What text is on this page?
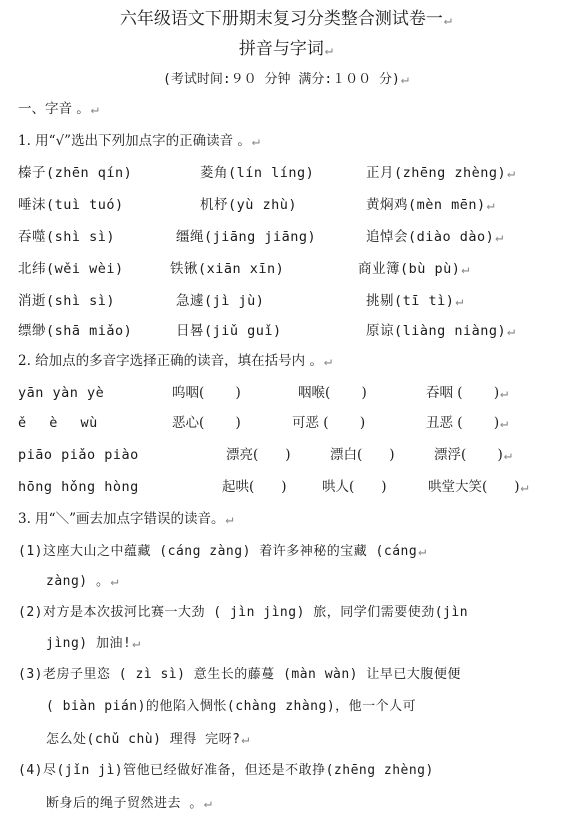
六年级语文下册期末复习分类整合测试卷一↵
拼音与字词↵
(考试时间:９０ 分钟 满分:１００ 分)↵
一、字音 。↵
1. 用“√”选出下列加点字的正确读音 。↵
榛子(zhēn qín)	菱角(lín líng)	正月(zhēng zhèng)↵
唾沫(tuì tuó)	机杼(yù zhù)	黄焖鸡(mèn mēn)↵
吞噬(shì sì)	缰绳(jiāng jiāng)	追悼会(diào dào)↵
北纬(wěi wèi)	铁锹(xiān xīn)	商业簿(bù pù)↵
消逝(shì sì)	急遽(jì jù)	挑剔(tī tì)↵
缥缈(shā miǎo)	日晷(jiǔ guǐ)	原谅(liàng niàng)↵
2. 给加点的多音字选择正确的读音，填在括号内 。↵
yān yàn yè	呜咽(　　 )	咽喉(　　 )	吞咽 (　　 )↵
ě　 è　 wù	恶心(　　 )	可恶 (　　 )	丑恶 (　　 )↵
piāo piǎo piào	漂亮(　　)	漂白(　　)	漂浮(　　 )↵
hōng hǒng hòng	起哄(　　)	哄人(　　)	哄堂大笑(　　)↵
3. 用“＼”画去加点字错误的读音。↵
(1)这座大山之中蕴藏 (cáng zàng) 着许多神秘的宝藏 (cáng↵
zàng) 。↵
(2)对方是本次拔河比赛一大劲 ( jìn jìng) 旅，同学们需要使劲(jìn
jìng) 加油!↵
(3)老房子里恣 ( zì sì) 意生长的藤蔓 (màn wàn) 让早已大腹便便
( biàn pián)的他陷入惆怅(chàng zhàng)，他一个人可
怎么处(chǔ chù) 理得 完呀?↵
(4)尽(jǐn jì)管他已经做好准备，但还是不敢挣(zhēng zhèng)
断身后的绳子贸然进去 。↵
